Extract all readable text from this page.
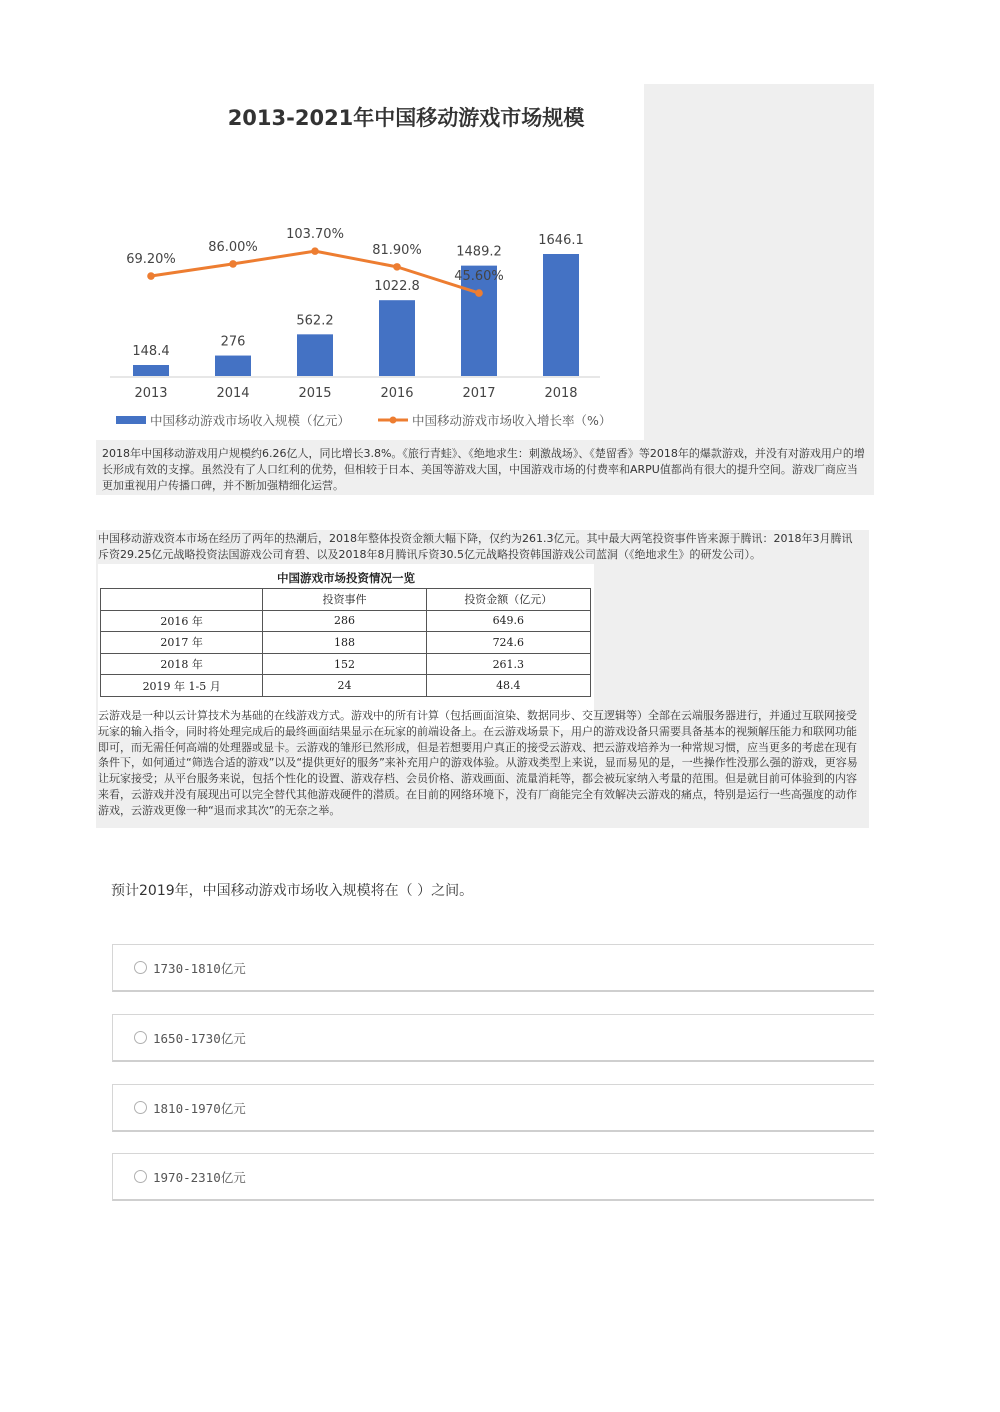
2013-2021年中国移动游戏市场规模
148.4
2013
276
2014
562.2
2015
1022.8
2016
1489.2
2017
1646.1
2018
69.20%
86.00%
103.70%
81.90%
45.60%
中国移动游戏市场收入规模（亿元）	中国移动游戏市场收入增长率（%）

2018年中国移动游戏用户规模约6.26亿人，同比增长3.8%。《旅行青蛙》、《绝地求生：刺激战场》、《楚留香》等2018年的爆款游戏，并没有对游戏用户的增长形成有效的支撑。虽然没有了人口红利的优势，但相较于日本、美国等游戏大国，中国游戏市场的付费率和ARPU值都尚有很大的提升空间。游戏厂商应当更加重视用户传播口碑，并不断加强精细化运营。

中国移动游戏资本市场在经历了两年的热潮后，2018年整体投资金额大幅下降，仅约为261.3亿元。其中最大两笔投资事件皆来源于腾讯：2018年3月腾讯斥资29.25亿元战略投资法国游戏公司育碧、以及2018年8月腾讯斥资30.5亿元战略投资韩国游戏公司蓝洞（《绝地求生》的研发公司）。

中国游戏市场投资情况一览
	投资事件	投资金额（亿元）
2016 年	286	649.6
2017 年	188	724.6
2018 年	152	261.3
2019 年 1-5 月	24	48.4

云游戏是一种以云计算技术为基础的在线游戏方式。游戏中的所有计算（包括画面渲染、数据同步、交互逻辑等）全部在云端服务器进行，并通过互联网接受玩家的输入指令，同时将处理完成后的最终画面结果显示在玩家的前端设备上。在云游戏场景下，用户的游戏设备只需要具备基本的视频解压能力和联网功能即可，而无需任何高端的处理器或显卡。云游戏的雏形已然形成，但是若想要用户真正的接受云游戏、把云游戏培养为一种常规习惯，应当更多的考虑在现有条件下，如何通过“筛选合适的游戏”以及“提供更好的服务”来补充用户的游戏体验。从游戏类型上来说，显而易见的是，一些操作性没那么强的游戏，更容易让玩家接受；从平台服务来说，包括个性化的设置、游戏存档、会员价格、游戏画面、流量消耗等，都会被玩家纳入考量的范围。但是就目前可体验到的内容来看，云游戏并没有展现出可以完全替代其他游戏硬件的潜质。在目前的网络环境下，没有厂商能完全有效解决云游戏的痛点，特别是运行一些高强度的动作游戏，云游戏更像一种“退而求其次”的无奈之举。

预计2019年，中国移动游戏市场收入规模将在（ ）之间。

1730-1810亿元
1650-1730亿元
1810-1970亿元
1970-2310亿元
